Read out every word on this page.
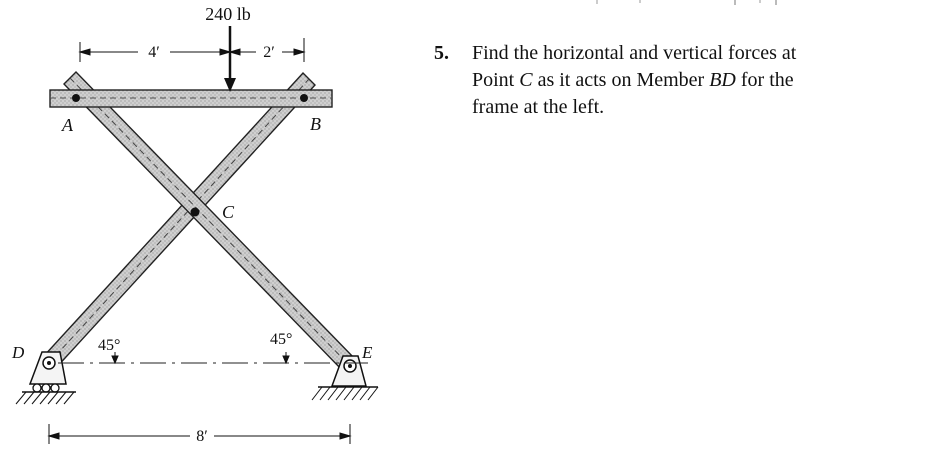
240 lb
4′	2′
8′
A	B
C
D	E
45°	45°
5. Find the horizontal and vertical forces at
Point C as it acts on Member BD for the
frame at the left.
